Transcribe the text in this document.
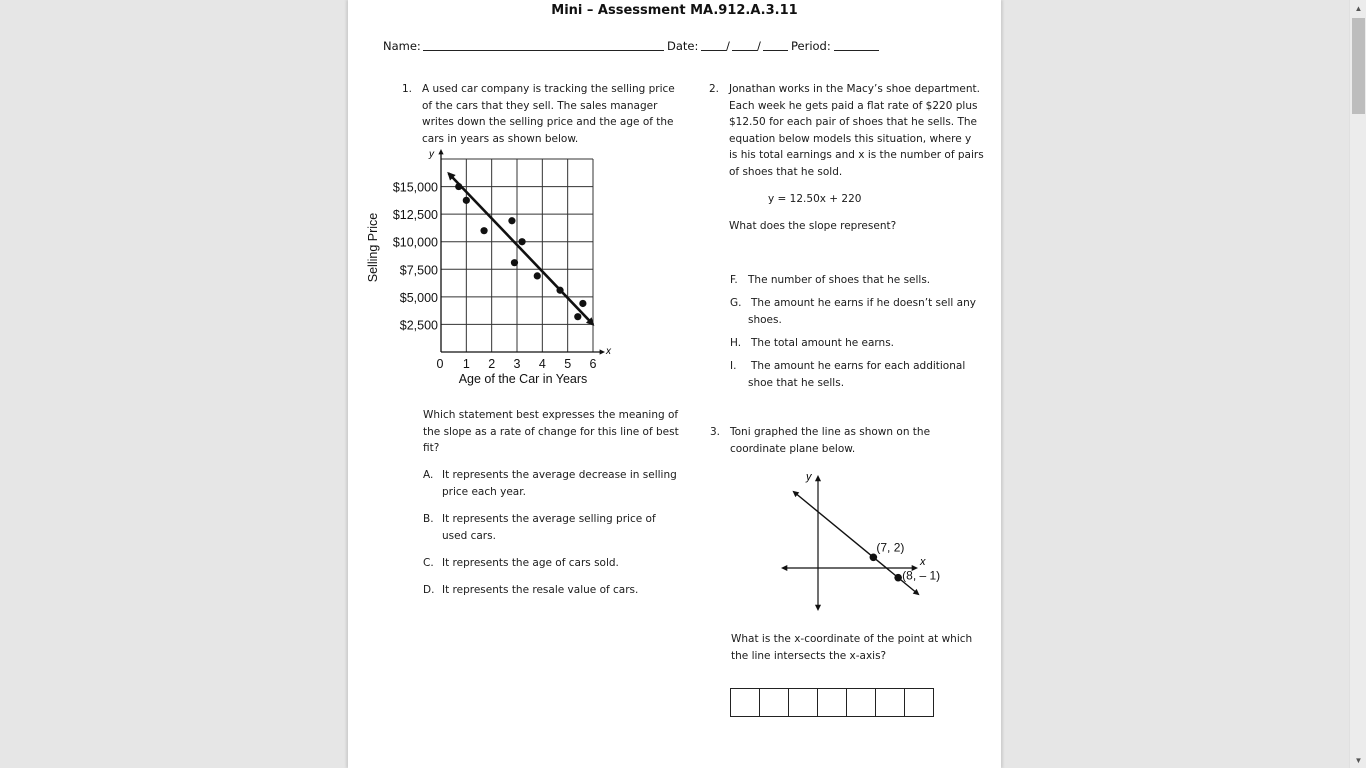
Mini – Assessment MA.912.A.3.11
Name:	Date: / /	Period:
1. A used car company is tracking the selling price
of the cars that they sell. The sales manager
writes down the selling price and the age of the
cars in years as shown below.
x
y
0 1 2 3 4 5 6
$2,500
$5,000
$7,500
$10,000
$12,500
$15,000
Age of the Car in Years
Selling Price
Which statement best expresses the meaning of
the slope as a rate of change for this line of best
fit?
A. It represents the average decrease in selling
price each year.
B. It represents the average selling price of
used cars.
C. It represents the age of cars sold.
D. It represents the resale value of cars.
2. Jonathan works in the Macy’s shoe department.
Each week he gets paid a flat rate of $220 plus
$12.50 for each pair of shoes that he sells. The
equation below models this situation, where y
is his total earnings and x is the number of pairs
of shoes that he sold.
y = 12.50x + 220
What does the slope represent?
F. The number of shoes that he sells.
G. The amount he earns if he doesn’t sell any
shoes.
H. The total amount he earns.
I. The amount he earns for each additional
shoe that he sells.
3. Toni graphed the line as shown on the
coordinate plane below.
x
y
(7, 2)
(8, – 1)
What is the x-coordinate of the point at which
the line intersects the x-axis?
▲
▼
